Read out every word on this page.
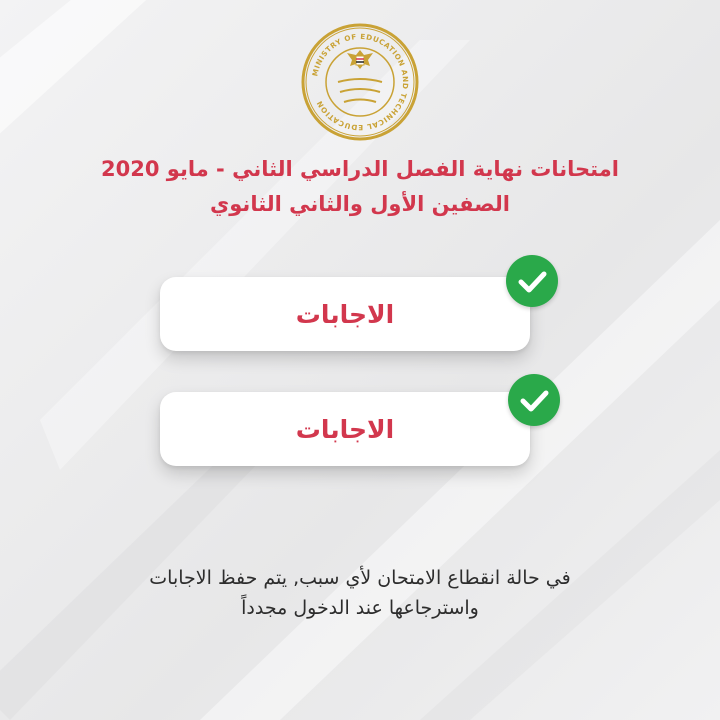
MINISTRY OF EDUCATION AND TECHNICAL EDUCATION
امتحانات نهاية الفصل الدراسي الثاني - مايو 2020
الصفين الأول والثاني الثانوي
الاجابات
الاجابات

في حالة انقطاع الامتحان لأي سبب, يتم حفظ الاجابات

واسترجاعها عند الدخول مجدداً
